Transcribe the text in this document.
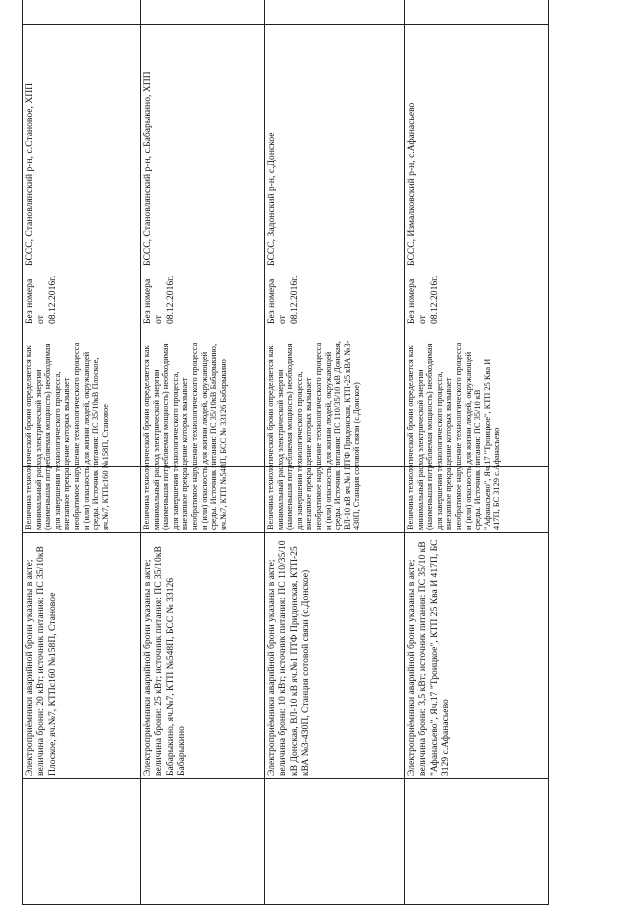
БССС, Становлянский р-н, с.Становое, ХПП
Без номера от 08.12.2016г.
Величина технологической брони определяется как
минимальный расход электрической энергии
(наименьшая потребляемая мощность) необходимая
для завершения технологического процесса,
внезапное прекращение которых вызывает
необратимое нарушение технологического процесса
и (или) опасность для жизни людей, окружающей
среды. Источник питания: ПС 35/10кВ Плоское,
яч.№7, КТПс160 №158П, Становое
Электроприёмники аварийной брони указаны в акте;
величина брони: 20 кВт; источник питания: ПС 35/10кВ
Плоское, яч.№7, КТПс160 №158П, Становое
БССС, Становлянский р-н, с.Бабарыкино, ХПП
Без номера от 08.12.2016г.
Величина технологической брони определяется как
минимальный расход электрической энергии
(наименьшая потребляемая мощность) необходимая
для завершения технологического процесса,
внезапное прекращение которых вызывает
необратимое нарушение технологического процесса
и (или) опасность для жизни людей, окружающей
среды. Источник питания: ПС 35/10кВ Бабарыкино,
яч.№7, КТП №548П, БСС № 33126 Бабарыкино
Электроприёмники аварийной брони указаны в акте;
величина брони: 25 кВт; источник питания: ПС 35/10кВ
Бабарыкино, яч.№7, КТП №548П, БСС № 33126
Бабарыкино
БССС, Задонский р-н, с.Донское
Без номера от 08.12.2016г.
Величина технологической брони определяется как
минимальный расход электрической энергии
(наименьшая потребляемая мощность) необходимая
для завершения технологического процесса,
внезапное прекращение которых вызывает
необратимое нарушение технологического процесса
и (или) опасность для жизни людей, окружающей
среды. Источник питания: ПС 110/35/10 кВ Донская,
ВЛ-10 кВ яч.№1 ПТФ Придонская, КТП-25 кВА №3-
430П, Станция сотовой связи (с.Донское)
Электроприёмники аварийной брони указаны в акте;
величина брони: 10 кВт; источник питания: ПС 110/35/10
кВ Донская, ВЛ-10 кВ яч.№1 ПТФ Придонская, КТП-25
кВА №3-430П, Станция сотовой связи (с.Донское)
БССС, Измалковский р-н, с.Афанасьево
Без номера от 08.12.2016г.
Величина технологической брони определяется как
минимальный расход электрической энергии
(наименьшая потребляемая мощность) необходимая
для завершения технологического процесса,
внезапное прекращение которых вызывает
необратимое нарушение технологического процесса
и (или) опасность для жизни людей, окружающей
среды. Источник питания: ПС 35/10 кВ
"Афанасьево", Яч.17 "Троицкое", КТП 25 Ква И
417П, БС 3129 с.Афанасьево
Электроприёмники аварийной брони указаны в акте;
величина брони: 3,5 кВт; источник питания: ПС 35/10 кВ
"Афанасьево", Яч.17 "Троицкое", КТП 25 Ква И 417П, БС
3129 с.Афанасьево
